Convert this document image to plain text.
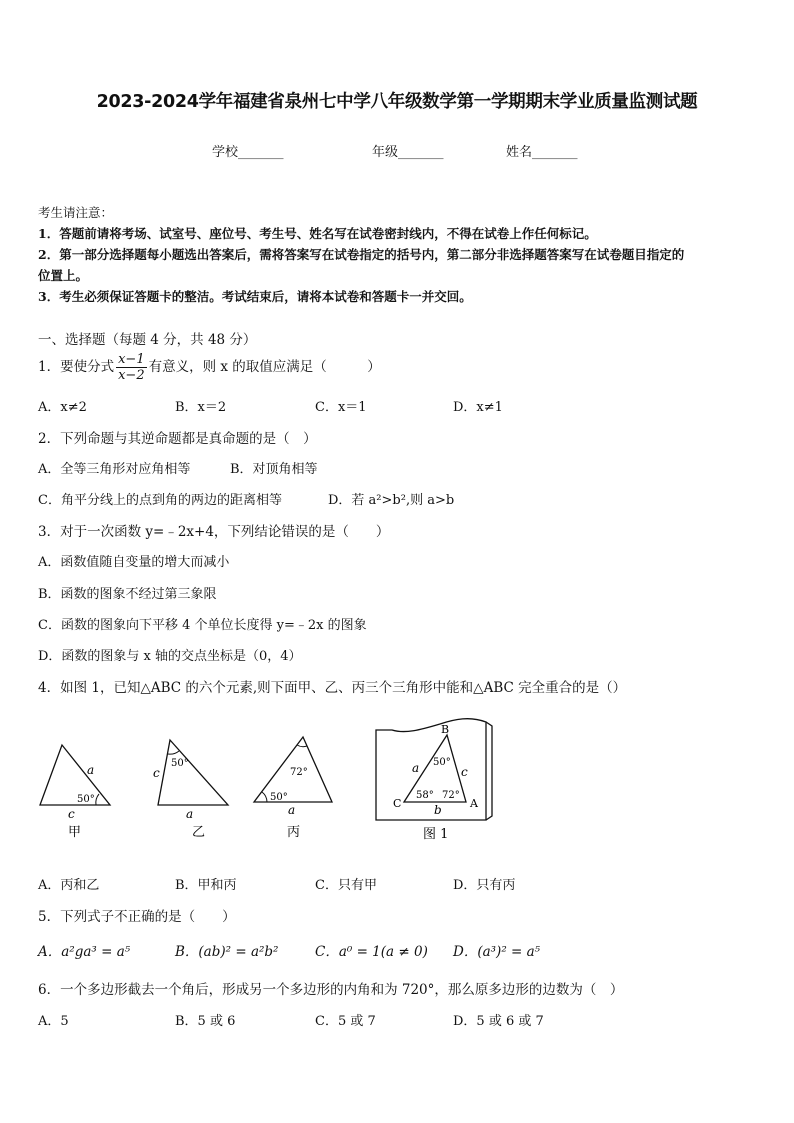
2023-2024学年福建省泉州七中学八年级数学第一学期期末学业质量监测试题
学校_______	年级_______	姓名_______
考生请注意：
1．答题前请将考场、试室号、座位号、考生号、姓名写在试卷密封线内，不得在试卷上作任何标记。
2．第一部分选择题每小题选出答案后，需将答案写在试卷指定的括号内，第二部分非选择题答案写在试卷题目指定的
位置上。
3．考生必须保证答题卡的整洁。考试结束后，请将本试卷和答题卡一并交回。
一、选择题（每题 4 分，共 48 分）
1．要使分式 $\frac{x-1}{x-2}$ 有意义，则 x 的取值应满足（　　　）
A．x≠2	B．x＝2	C．x＝1	D．x≠1
2．下列命题与其逆命题都是真命题的是（　）
A．全等三角形对应角相等	B．对顶角相等
C．角平分线上的点到角的两边的距离相等	D．若 a²>b²,则 a>b
3．对于一次函数 y=﹣2x+4，下列结论错误的是（　　）
A．函数值随自变量的增大而减小
B．函数的图象不经过第三象限
C．函数的图象向下平移 4 个单位长度得 y=﹣2x 的图象
D．函数的图象与 x 轴的交点坐标是（0，4）
4．如图 1，已知△ABC 的六个元素,则下面甲、乙、丙三个三角形中能和△ABC 完全重合的是（）
a
50°
c
甲
c
50°
a
乙
72°
50°
a
丙
B
C	A
a	c
b
50°
58° 72°
图 1
A．丙和乙	B．甲和丙	C．只有甲	D．只有丙
5．下列式子不正确的是（　　）
A．a²ga³ = a⁵	B．(ab)² = a²b²	C．a⁰ = 1(a ≠ 0) D．(a³)² = a⁵
6．一个多边形截去一个角后，形成另一个多边形的内角和为 720°，那么原多边形的边数为（　）
A．5	B．5 或 6	C．5 或 7	D．5 或 6 或 7
